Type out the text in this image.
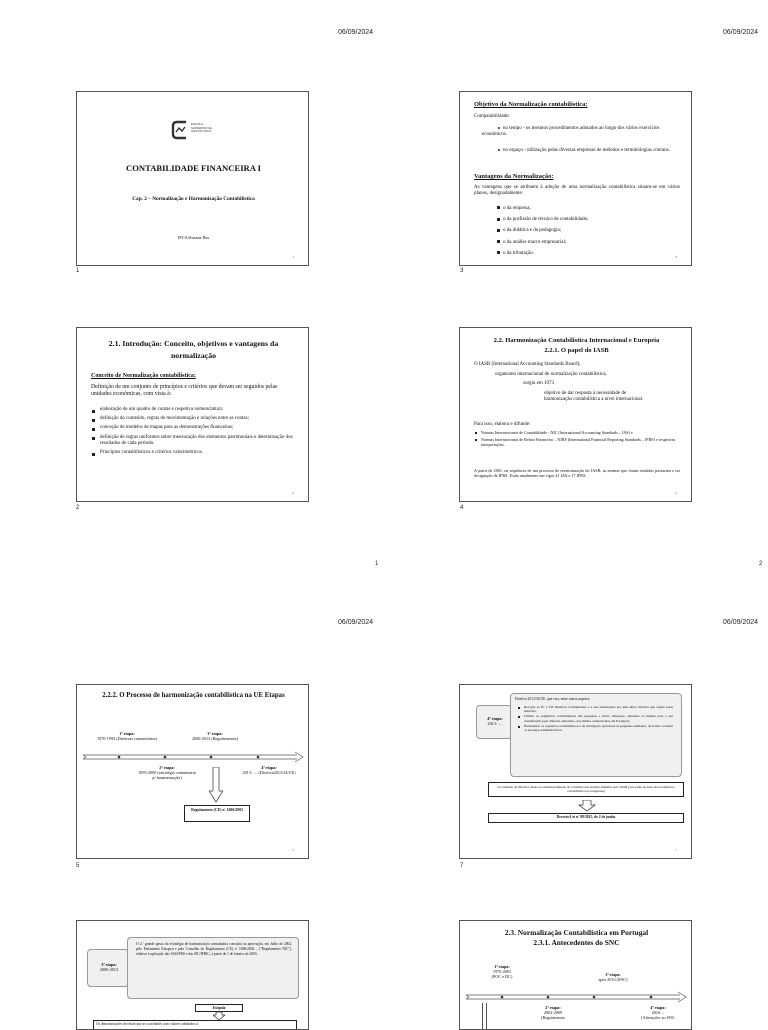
06/09/2024	06/09/2024
06/09/2024	06/09/2024
1	2
1	3
2	4
5	7
ESCOLA SUPERIOR DE GESTÃO IPCA
CONTABILIDADE FINANCEIRA I
Cap. 2 – Normalização e Harmonização Contabilística
IPCA/Susana Bas
1
Objetivo da Normalização contabilística:
Comparabilidade:
no tempo - os mesmos procedimentos adotados ao longo dos vários exercícios económicos.
no espaço - utilização pelas diversas empresas de métodos e terminologias comuns.
Vantagens da Normalização:
As vantagens que se atribuem à adoção de uma normalização contabilística situam-se em vários planos, designadamente:
o da empresa;
o da profissão de técnico de contabilidade;
o da didática e da pedagogia;
o da análise macro empresarial;
o da tributação.
3
2.1. Introdução: Conceito, objetivos e vantagens da normalização
Conceito de Normalização contabilística:
Definição de um conjunto de princípios e critérios que devam ser seguidos pelas unidades económicas, com vista à:
elaboração de um quadro de contas e respetiva nomenclatura;
definição do conteúdo, regras de movimentação e relações entre as contas;
conceção de modelos de mapas para as demonstrações financeiras;
definição de regras uniformes sobre mensuração dos elementos patrimoniais e determinação dos resultados de cada período.
Princípios contabilísticos e critérios valorimétricos.
2
2.2. Harmonização Contabilística Internacional e Europeia
2.2.1. O papel do IASB
O IASB (International Accounting Standards Board),
organismo internacional de normalização contabilística,
surgiu em 1973
objetivo de dar resposta à necessidade de harmonização contabilística a nível internacional.
Para isso, elabora e difunde:
Normas Internacionais de Contabilidade - NIC (International Accounting Standards – IAS) e
Normas Internacionais de Relato Financeiro – NIRF (International Financial Reporting Standards – IFRS) e respetivas interpretações.
A partir de 2001, na sequência de um processo de reestruturação do IASB, as normas que foram emitidas passaram a ser designação de IFRS. Estão atualmente em vigor 41 IAS e 17 IFRS.
4
2.2.2. O Processo de harmonização contabilística na UE Etapas
1ª etapa:
1970-1995 (Diretivas comunitárias)
3ª etapa:
2000-2013 (Regulamentos)
2ª etapa:
1995-2000 (estratégia comunitária p/ harmonização)
4ª etapa:
2013-…. (Diretiva2013/34/UE)
Regulamento (CE) nº 1606/2002
5
4ª etapa:
2013-….
Diretiva 2013/34/UE, que visa, entre outros aspetos:
Revogar as IV e VII Diretivas Comunitárias e a sua substituição por uma única diretiva que regule essas matérias;
Limitar as exigências contabilísticas das pequenas e micro empresas, alterando os limites para a sua classificação (que diferem, entretanto, dos limites estabelecidos em Portugal);
Harmonizar os requisitos contabilísticos e de divulgação aplicáveis às pequenas entidades, de forma a reduzir os encargos administrativos.
O conteúdo da Diretiva afasta-se substancialmente do conteúdo das normas emitidas pelo IASB (que estão na base dos normativos contabilísticos portugueses)
Decreto-Lei nº 98/2015, de 2 de junho
7
3ª etapa:
2000-2013
O 2.º grande passo da estratégia de harmonização comunitária consistiu na aprovação, em Julho de 2002, pelo Parlamento Europeu e pelo Conselho do Regulamento (CE) nº 1606/2002 – ("Regulamento NIC"), relativo à aplicação das IAS/IFRS e das SIC/IFRIC, a partir de 1 de Janeiro de 2005.
Estipula
Os demonstrações de relato que as sociedades com valores admitidos à
2.3. Normalização Contabilística em Portugal
2.3.1. Antecedentes do SNC
1ª etapa:
1970-2001
(POC e DC)	3ª etapa:
após 2010 (SNC)
2ª etapa:
2002-2009
(Regulamento
4ª etapa:
2016…
(Alterações ao SNC
